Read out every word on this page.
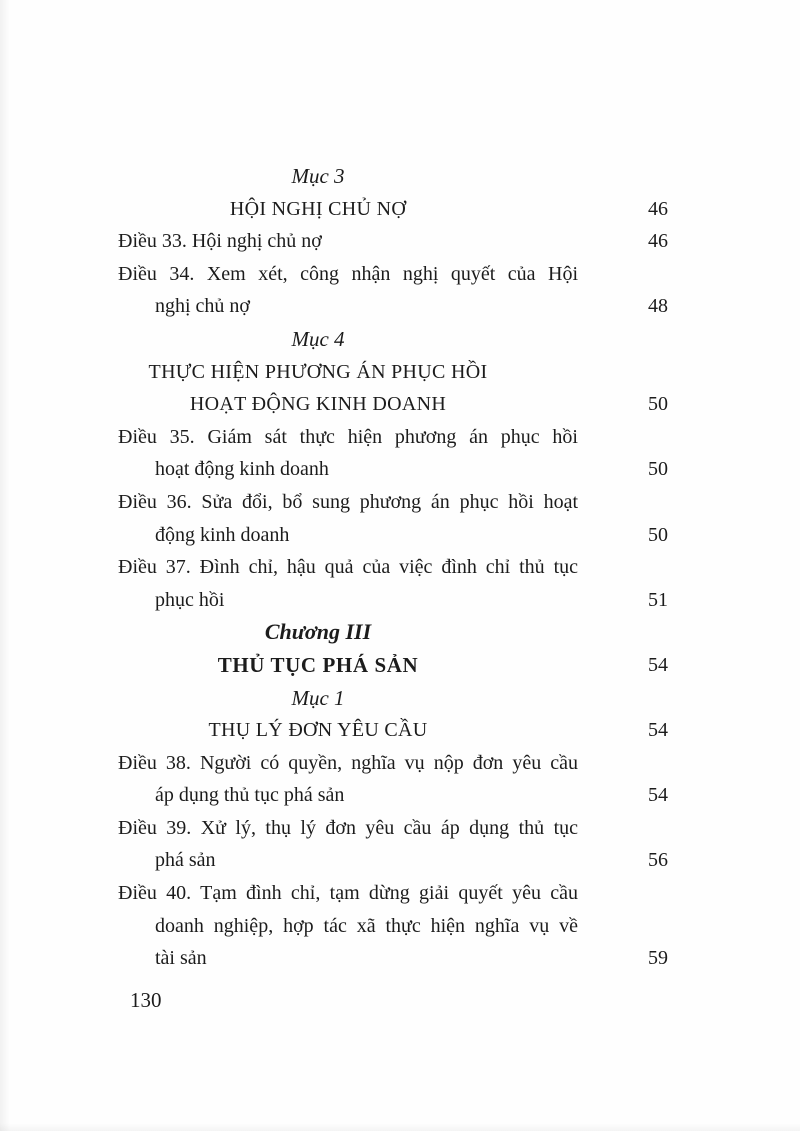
Mục 3
HỘI NGHỊ CHỦ NỢ	46
Điều 33. Hội nghị chủ nợ	46
Điều 34. Xem xét, công nhận nghị quyết của Hội
nghị chủ nợ	48
Mục 4
THỰC HIỆN PHƯƠNG ÁN PHỤC HỒI
HOẠT ĐỘNG KINH DOANH	50
Điều 35. Giám sát thực hiện phương án phục hồi
hoạt động kinh doanh	50
Điều 36. Sửa đổi, bổ sung phương án phục hồi hoạt
động kinh doanh	50
Điều 37. Đình chỉ, hậu quả của việc đình chỉ thủ tục
phục hồi	51
Chương III
THỦ TỤC PHÁ SẢN	54
Mục 1
THỤ LÝ ĐƠN YÊU CẦU	54
Điều 38. Người có quyền, nghĩa vụ nộp đơn yêu cầu
áp dụng thủ tục phá sản	54
Điều 39. Xử lý, thụ lý đơn yêu cầu áp dụng thủ tục
phá sản	56
Điều 40. Tạm đình chỉ, tạm dừng giải quyết yêu cầu
doanh nghiệp, hợp tác xã thực hiện nghĩa vụ về
tài sản	59
130
